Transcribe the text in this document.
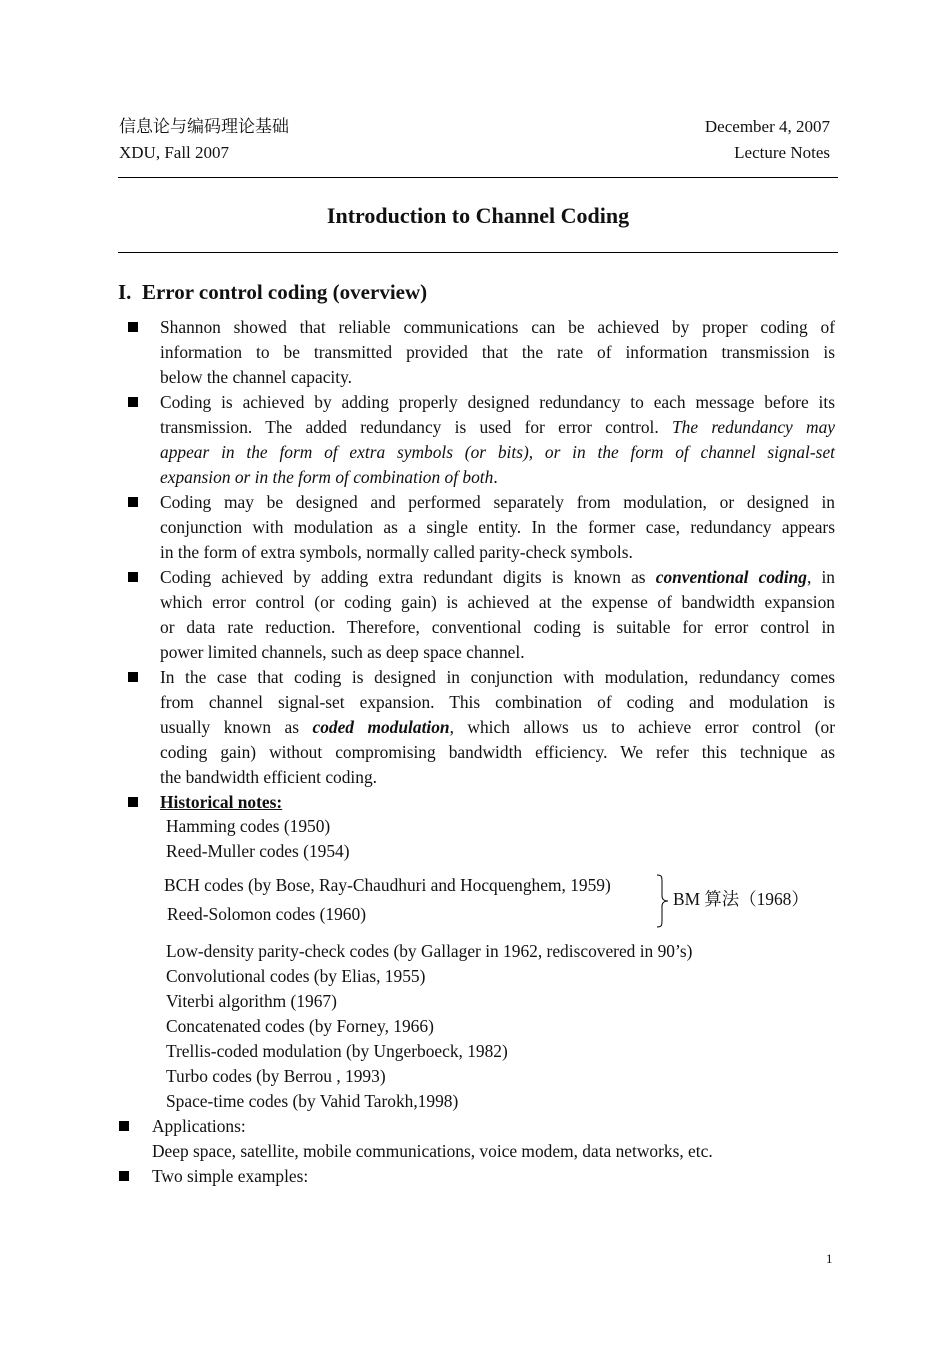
信息论与编码理论基础
XDU, Fall 2007
December 4, 2007
Lecture Notes
Introduction to Channel Coding
I. Error control coding (overview)
Shannon showed that reliable communications can be achieved by proper coding of
information to be transmitted provided that the rate of information transmission is
below the channel capacity.
Coding is achieved by adding properly designed redundancy to each message before its
transmission. The added redundancy is used for error control. The redundancy may
appear in the form of extra symbols (or bits), or in the form of channel signal-set
expansion or in the form of combination of both.
Coding may be designed and performed separately from modulation, or designed in
conjunction with modulation as a single entity. In the former case, redundancy appears
in the form of extra symbols, normally called parity-check symbols.
Coding achieved by adding extra redundant digits is known as conventional coding, in
which error control (or coding gain) is achieved at the expense of bandwidth expansion
or data rate reduction. Therefore, conventional coding is suitable for error control in
power limited channels, such as deep space channel.
In the case that coding is designed in conjunction with modulation, redundancy comes
from channel signal-set expansion. This combination of coding and modulation is
usually known as coded modulation, which allows us to achieve error control (or
coding gain) without compromising bandwidth efficiency. We refer this technique as
the bandwidth efficient coding.
Historical notes:
Hamming codes (1950)
Reed-Muller codes (1954)
BCH codes (by Bose, Ray-Chaudhuri and Hocquenghem, 1959)
Reed-Solomon codes (1960)
BM 算法（1968）
Low-density parity-check codes (by Gallager in 1962, rediscovered in 90’s)
Convolutional codes (by Elias, 1955)
Viterbi algorithm (1967)
Concatenated codes (by Forney, 1966)
Trellis-coded modulation (by Ungerboeck, 1982)
Turbo codes (by Berrou , 1993)
Space-time codes (by Vahid Tarokh,1998)
Applications:
Deep space, satellite, mobile communications, voice modem, data networks, etc.
Two simple examples:
1
